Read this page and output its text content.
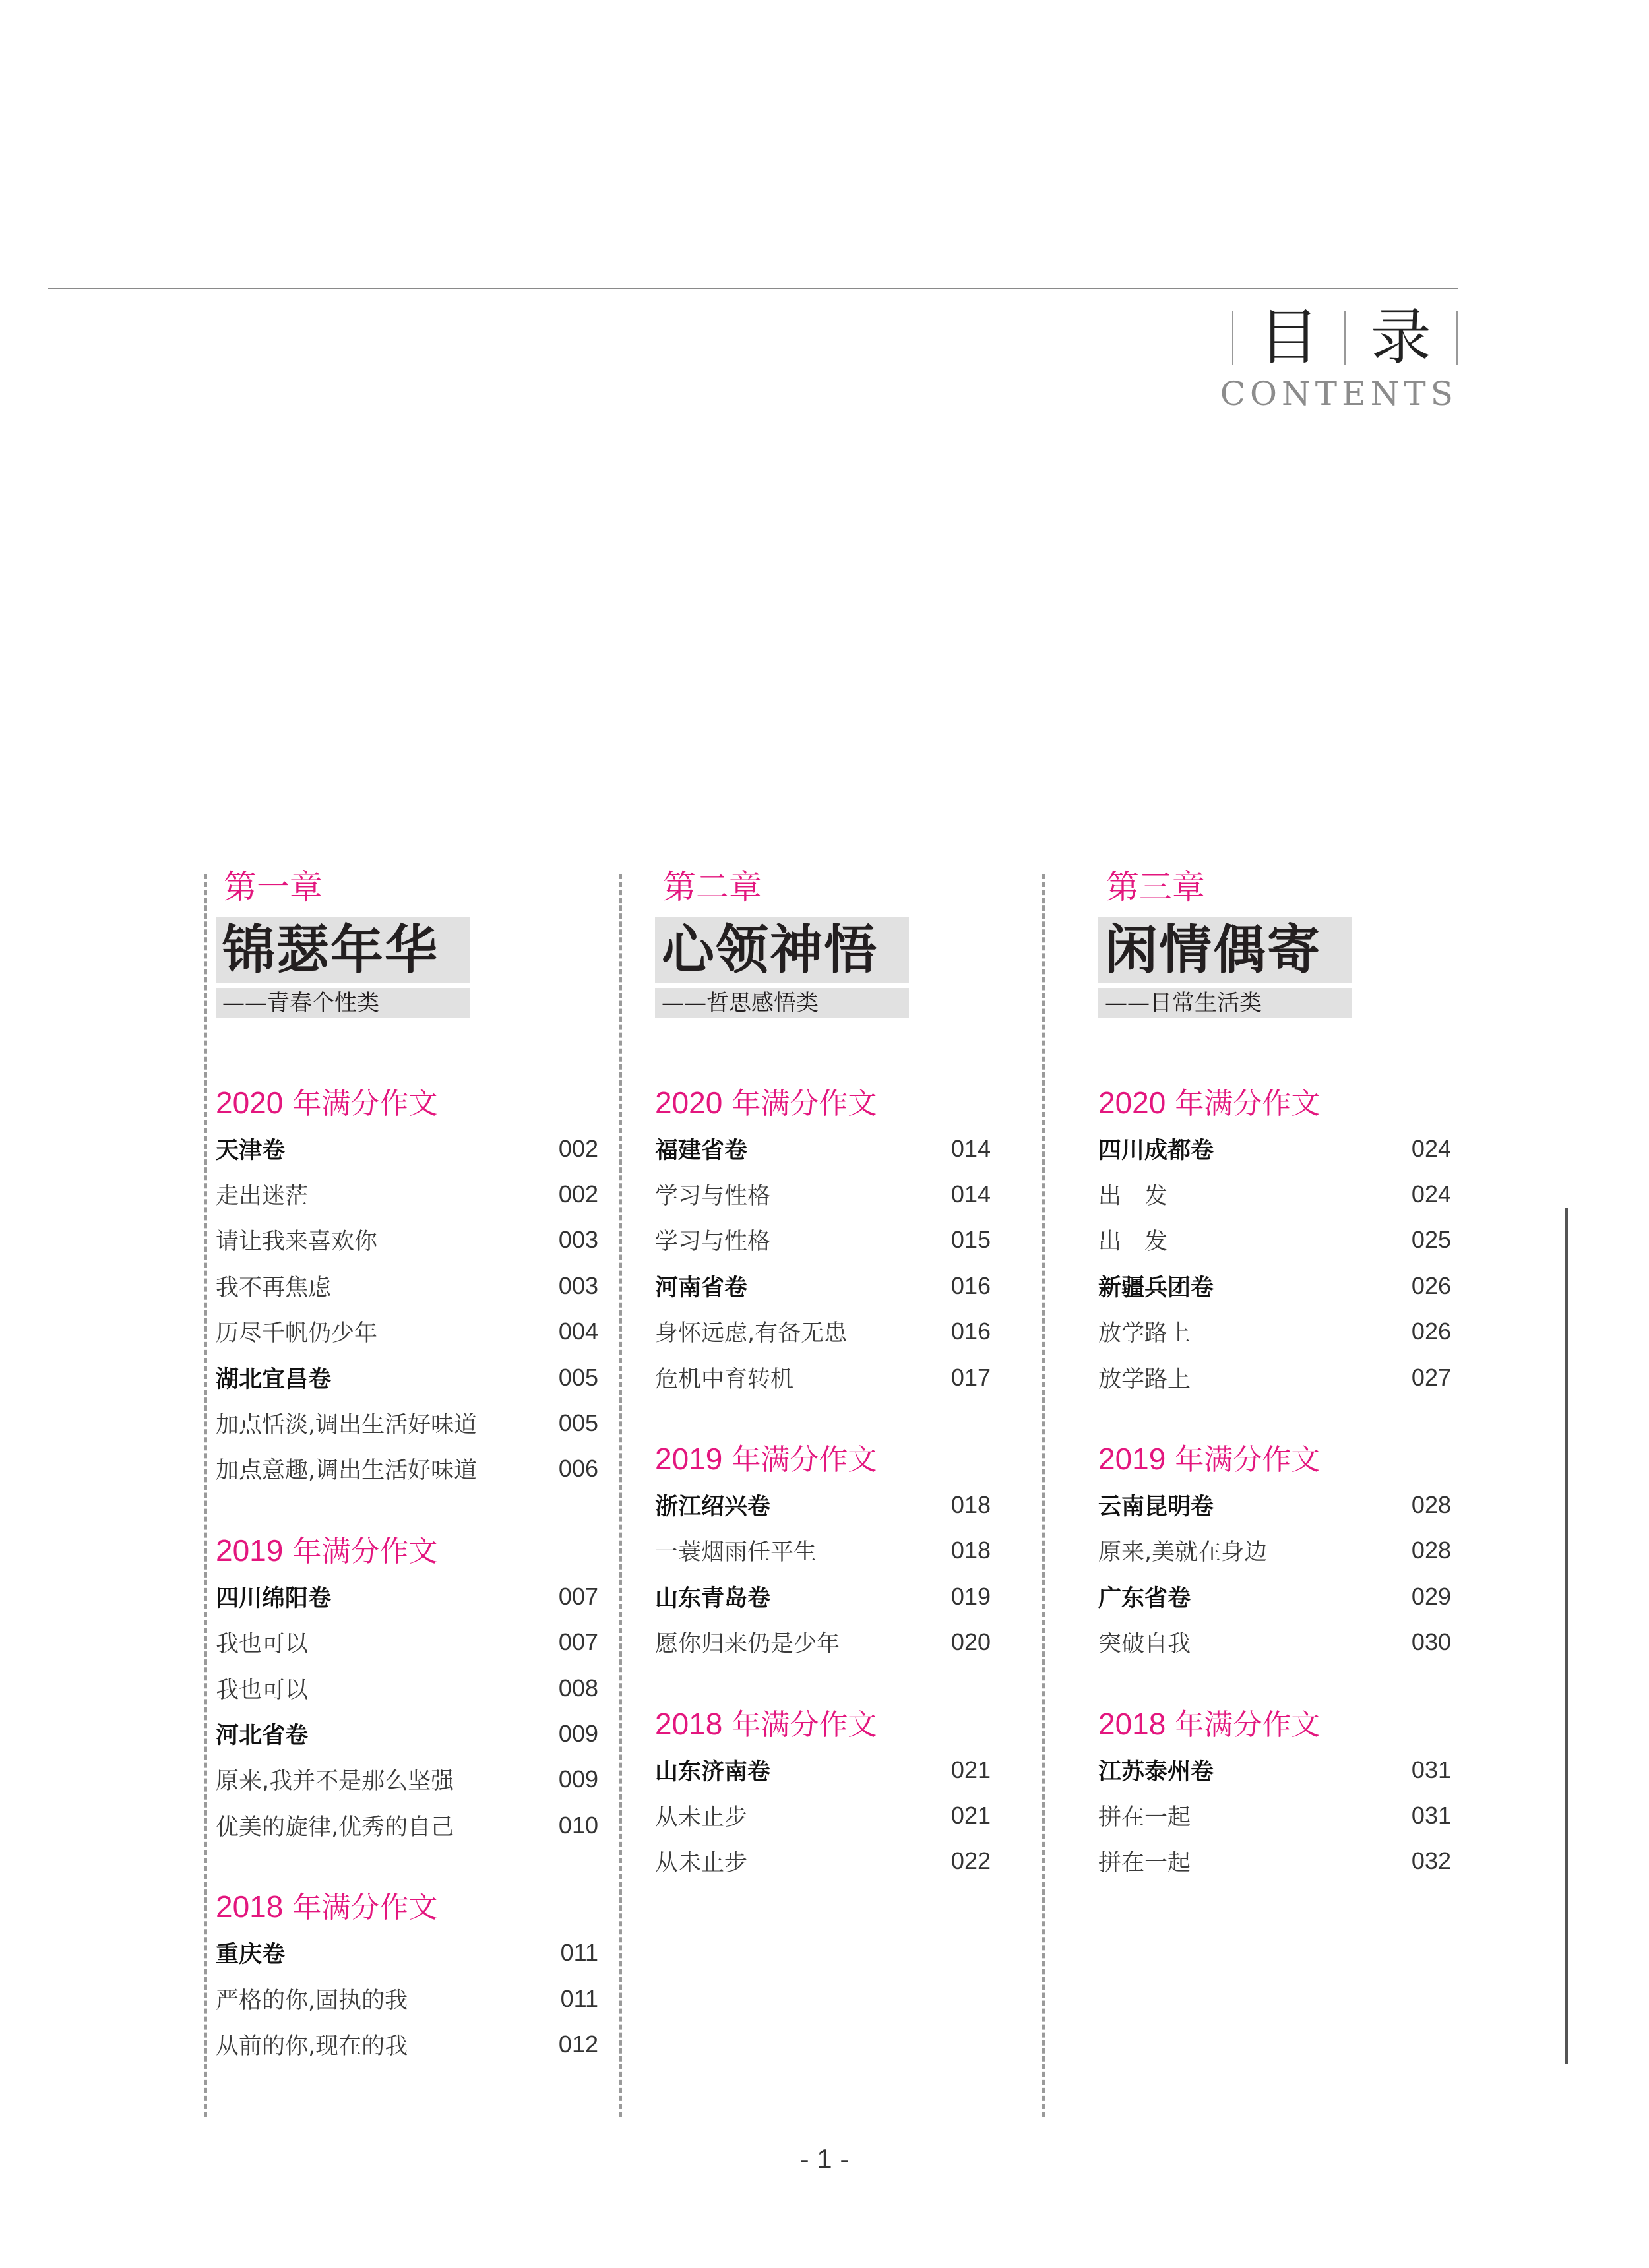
目 录
CONTENTS
第一章
锦瑟年华
——青春个性类
2020 年满分作文
天津卷	002
走出迷茫	002
请让我来喜欢你	003
我不再焦虑	003
历尽千帆仍少年	004
湖北宜昌卷	005
加点恬淡,调出生活好味道	005
加点意趣,调出生活好味道	006
2019 年满分作文
四川绵阳卷	007
我也可以	007
我也可以	008
河北省卷	009
原来,我并不是那么坚强	009
优美的旋律,优秀的自己	010
2018 年满分作文
重庆卷	011
严格的你,固执的我	011
从前的你,现在的我	012
第二章
心领神悟
——哲思感悟类
2020 年满分作文
福建省卷	014
学习与性格	014
学习与性格	015
河南省卷	016
身怀远虑,有备无患	016
危机中育转机	017
2019 年满分作文
浙江绍兴卷	018
一蓑烟雨任平生	018
山东青岛卷	019
愿你归来仍是少年	020
2018 年满分作文
山东济南卷	021
从未止步	021
从未止步	022
第三章
闲情偶寄
——日常生活类
2020 年满分作文
四川成都卷	024
出　发	024
出　发	025
新疆兵团卷	026
放学路上	026
放学路上	027
2019 年满分作文
云南昆明卷	028
原来,美就在身边	028
广东省卷	029
突破自我	030
2018 年满分作文
江苏泰州卷	031
拼在一起	031
拼在一起	032
- 1 -
